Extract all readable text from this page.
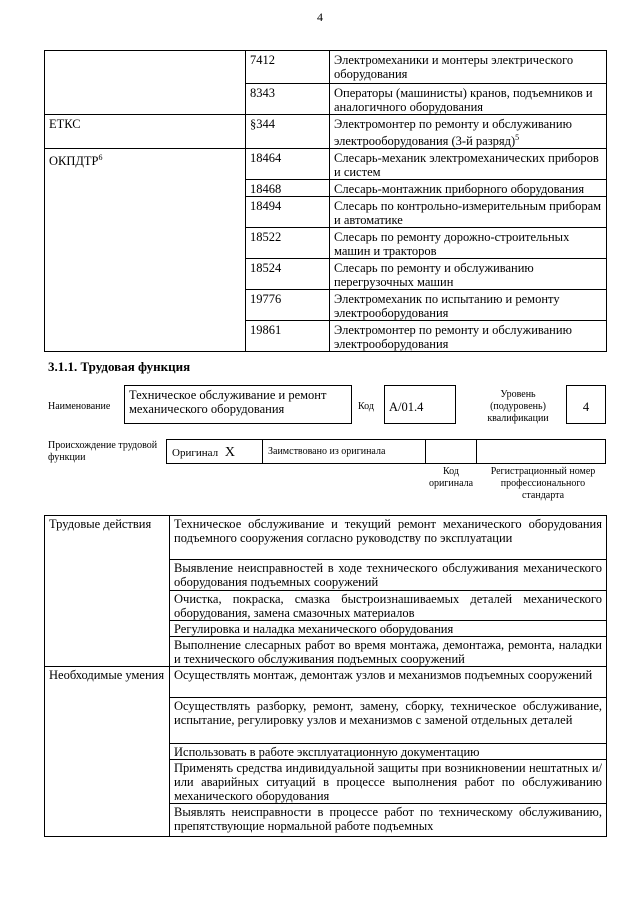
4
	7412	Электромеханики и монтеры электрического оборудования
	8343	Операторы (машинисты) кранов, подъемников и аналогичного оборудования
ЕТКС	§344	Электромонтер по ремонту и обслуживанию электрооборудования (3-й разряд)$^5$
ОКПДТР$^6$	18464	Слесарь-механик электромеханических приборов и систем
	18468	Слесарь-монтажник приборного оборудования
	18494	Слесарь по контрольно-измерительным приборам и автоматике
	18522	Слесарь по ремонту дорожно-строительных машин и тракторов
	18524	Слесарь по ремонту и обслуживанию перегрузочных машин
	19776	Электромеханик по испытанию и ремонту электрооборудования
	19861	Электромонтер по ремонту и обслуживанию электрооборудования
3.1.1. Трудовая функция
Наименование
Техническое обслуживание и ремонт механического оборудования	Код	A/01.4
Уровень (подуровень) квалификации
4
Происхождение трудовой функции	Оригинал X	Заимствовано из оригинала
Код оригинала
Регистрационный номер профессионального стандарта
Трудовые действия	Техническое обслуживание и текущий ремонт механического оборудования подъемного сооружения согласно руководству по эксплуатации
	Выявление неисправностей в ходе технического обслуживания механического оборудования подъемных сооружений
	Очистка, покраска, смазка быстроизнашиваемых деталей механического оборудования, замена смазочных материалов
	Регулировка и наладка механического оборудования
	Выполнение слесарных работ во время монтажа, демонтажа, ремонта, наладки и технического обслуживания подъемных сооружений
Необходимые умения	Осуществлять монтаж, демонтаж узлов и механизмов подъемных сооружений
	Осуществлять разборку, ремонт, замену, сборку, техническое обслуживание, испытание, регулировку узлов и механизмов с заменой отдельных деталей
	Использовать в работе эксплуатационную документацию
	Применять средства индивидуальной защиты при возникновении нештатных и/или аварийных ситуаций в процессе выполнения работ по обслуживанию механического оборудования
	Выявлять неисправности в процессе работ по техническому обслуживанию, препятствующие нормальной работе подъемных
